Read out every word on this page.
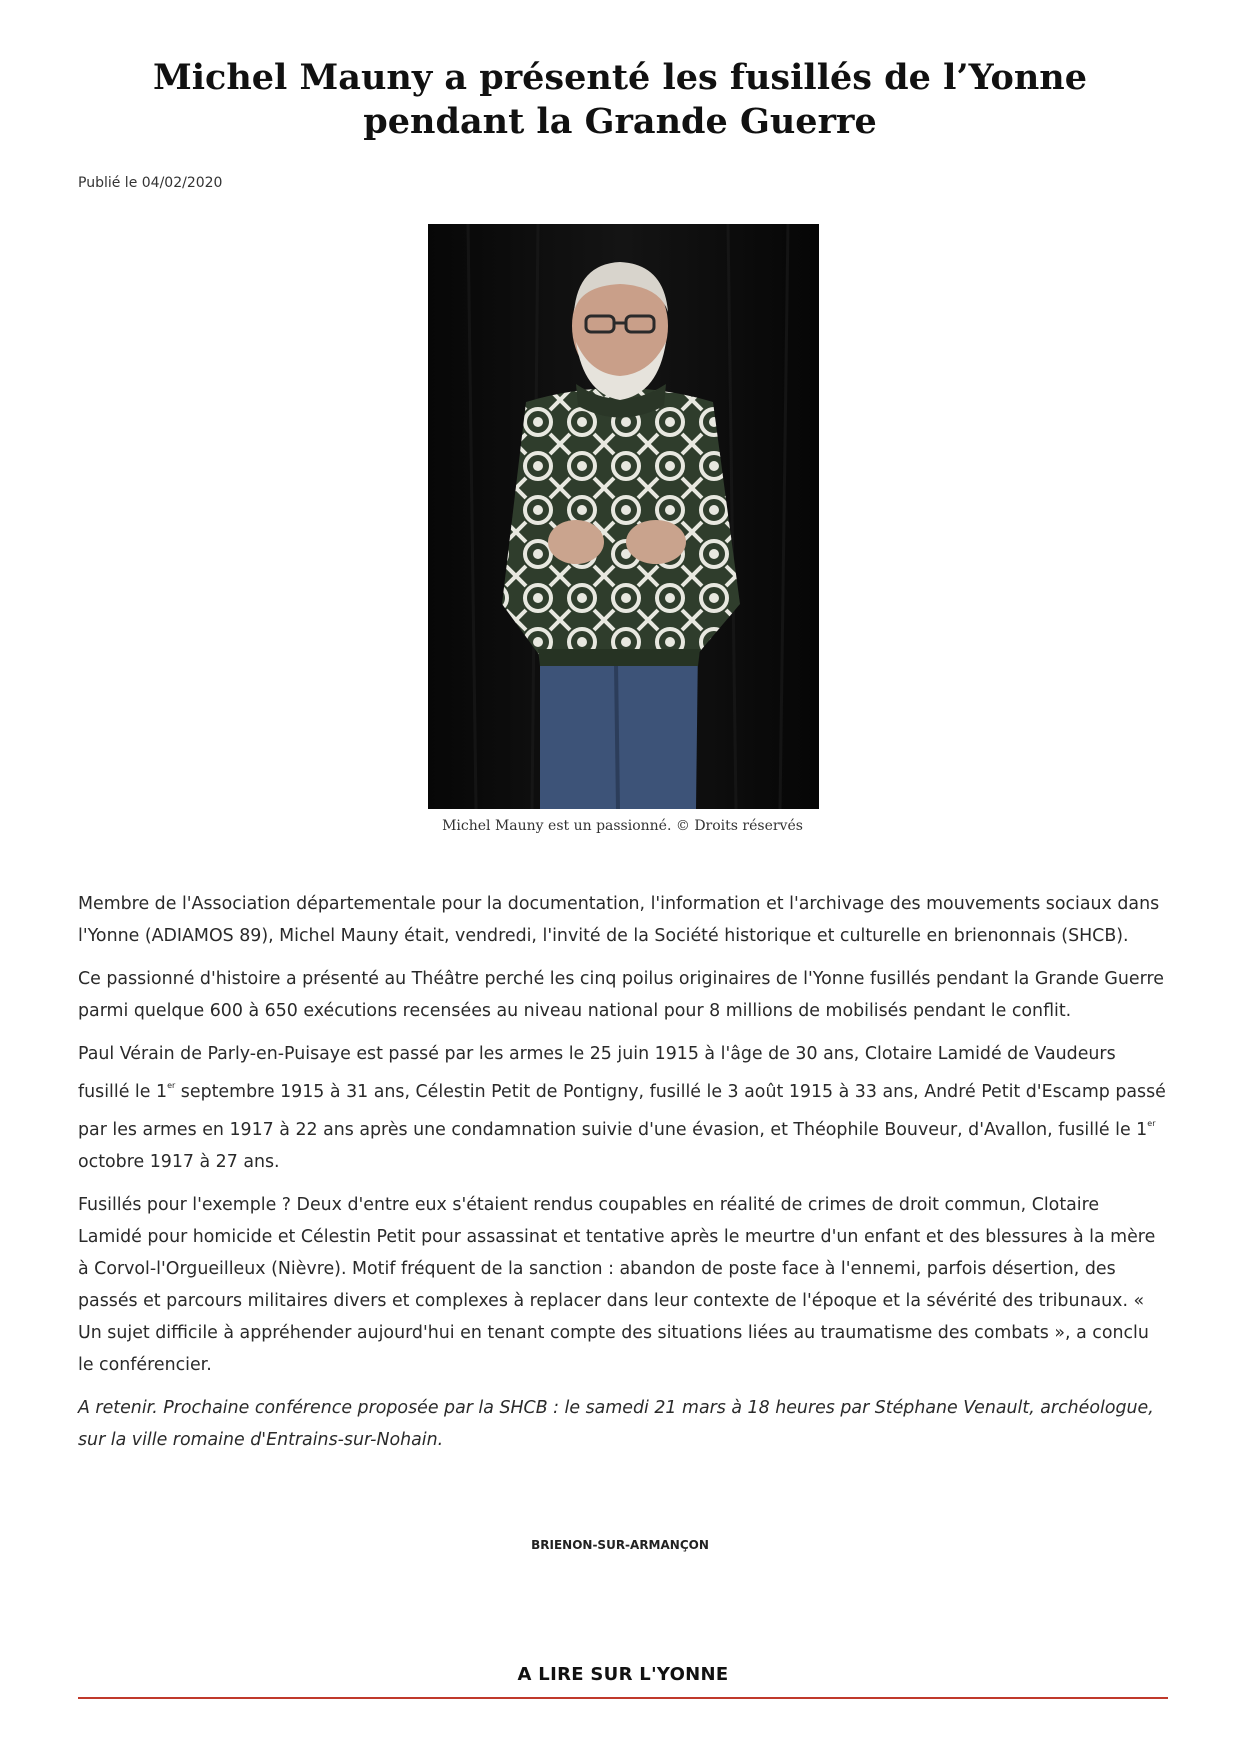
Michel Mauny a présenté les fusillés de l’Yonne pendant la Grande Guerre
Publié le 04/02/2020
Michel Mauny est un passionné. © Droits réservés

Membre de l'Association départementale pour la documentation, l'information et l'archivage des mouvements sociaux dans l'Yonne (ADIAMOS 89), Michel Mauny était, vendredi, l'invité de la Société historique et culturelle en brienonnais (SHCB).

Ce passionné d'histoire a présenté au Théâtre perché les cinq poilus originaires de l'Yonne fusillés pendant la Grande Guerre parmi quelque 600 à 650 exécutions recensées au niveau national pour 8 millions de mobilisés pendant le conflit.

Paul Vérain de Parly-en-Puisaye est passé par les armes le 25 juin 1915 à l'âge de 30 ans, Clotaire Lamidé de Vaudeurs fusillé le 1er septembre 1915 à 31 ans, Célestin Petit de Pontigny, fusillé le 3 août 1915 à 33 ans, André Petit d'Escamp passé par les armes en 1917 à 22 ans après une condamnation suivie d'une évasion, et Théophile Bouveur, d'Avallon, fusillé le 1er octobre 1917 à 27 ans.

Fusillés pour l'exemple ? Deux d'entre eux s'étaient rendus coupables en réalité de crimes de droit commun, Clotaire Lamidé pour homicide et Célestin Petit pour assassinat et tentative après le meurtre d'un enfant et des blessures à la mère à Corvol-l'Orgueilleux (Nièvre). Motif fréquent de la sanction : abandon de poste face à l'ennemi, parfois désertion, des passés et parcours militaires divers et complexes à replacer dans leur contexte de l'époque et la sévérité des tribunaux. « Un sujet difficile à appréhender aujourd'hui en tenant compte des situations liées au traumatisme des combats », a conclu le conférencier.

A retenir. Prochaine conférence proposée par la SHCB : le samedi 21 mars à 18 heures par Stéphane Venault, archéologue, sur la ville romaine d'Entrains-sur-Nohain.

BRIENON-SUR-ARMANÇON
A LIRE SUR L'YONNE
